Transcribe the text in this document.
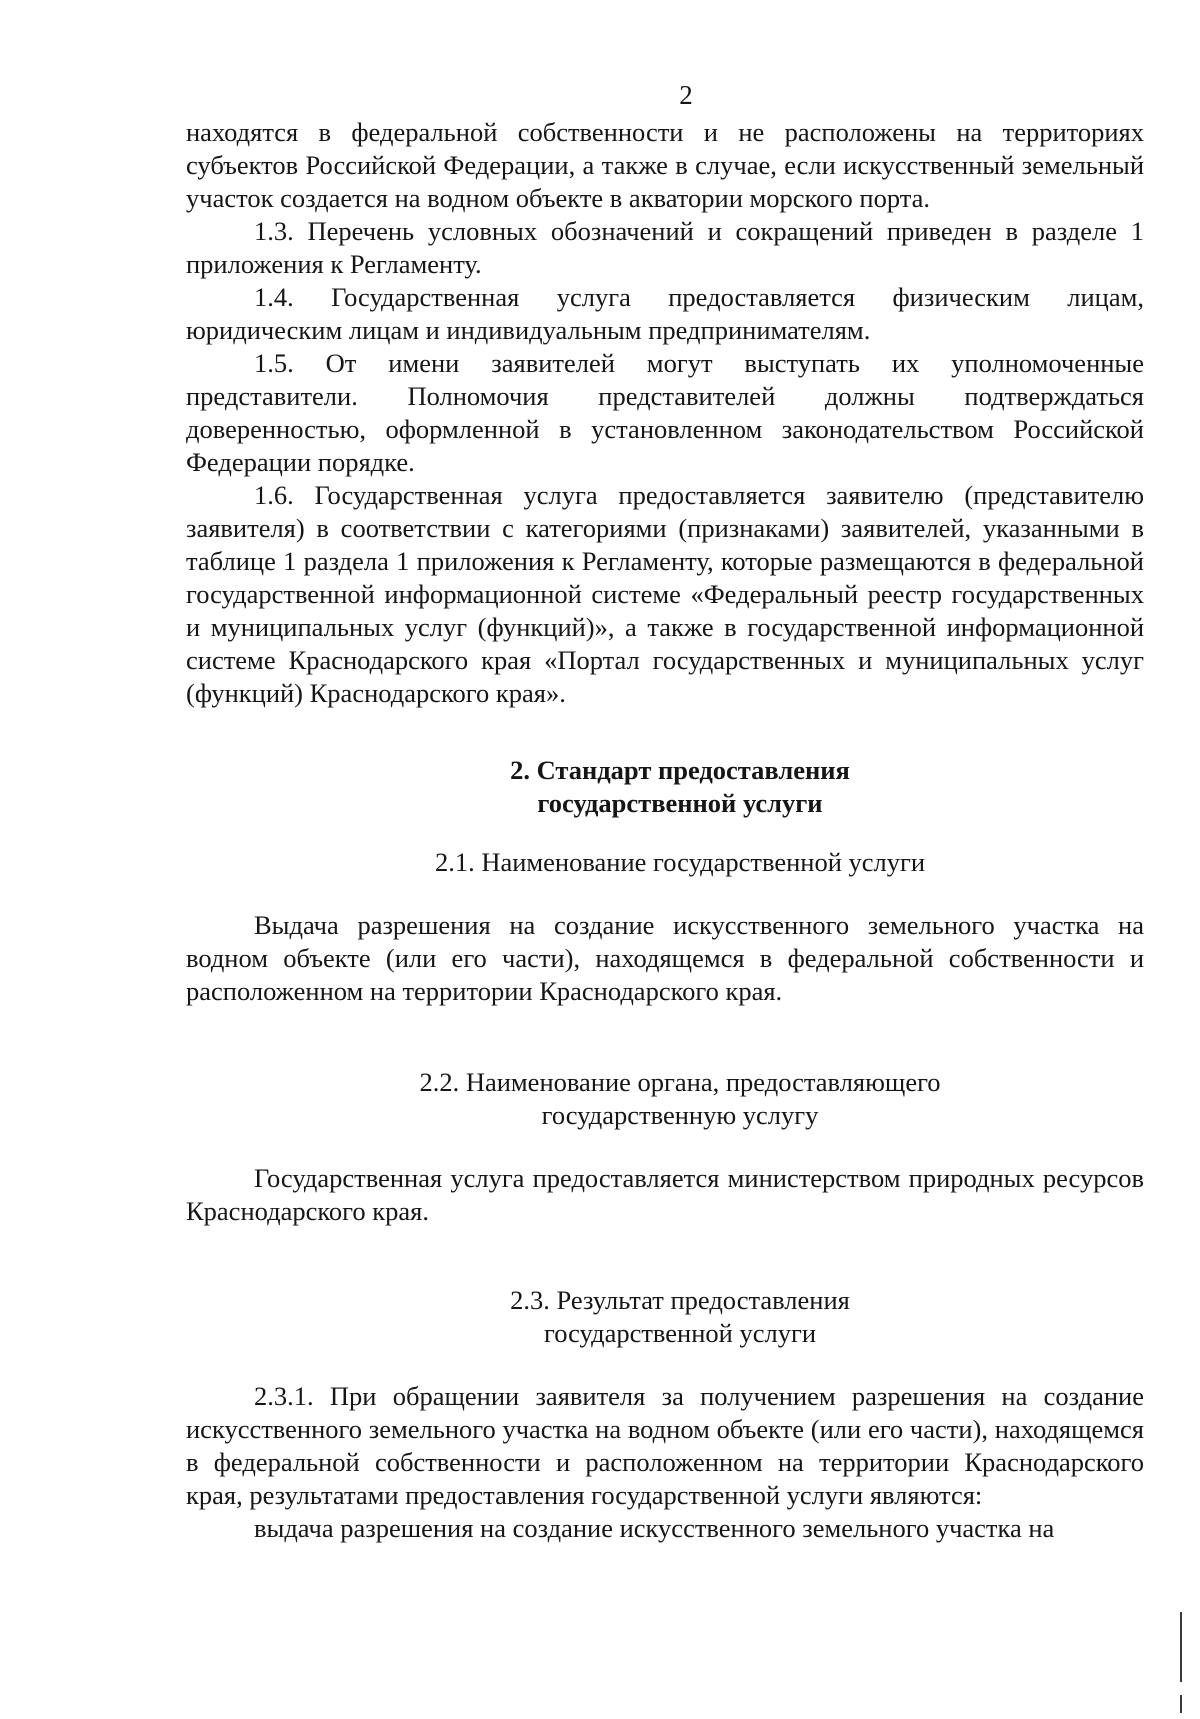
2

находятся в федеральной собственности и не расположены на территориях субъектов Российской Федерации, а также в случае, если искусственный земельный участок создается на водном объекте в акватории морского порта.

1.3. Перечень условных обозначений и сокращений приведен в разделе 1 приложения к Регламенту.

1.4. Государственная услуга предоставляется физическим лицам, юридическим лицам и индивидуальным предпринимателям.

1.5. От имени заявителей могут выступать их уполномоченные представители. Полномочия представителей должны подтверждаться доверенностью, оформленной в установленном законодательством Российской Федерации порядке.

1.6. Государственная услуга предоставляется заявителю (представителю заявителя) в соответствии с категориями (признаками) заявителей, указанными в таблице 1 раздела 1 приложения к Регламенту, которые размещаются в федеральной государственной информационной системе «Федеральный реестр государственных и муниципальных услуг (функций)», а также в государственной информационной системе Краснодарского края «Портал государственных и муниципальных услуг (функций) Краснодарского края».

2. Стандарт предоставления
государственной услуги
2.1. Наименование государственной услуги

Выдача разрешения на создание искусственного земельного участка на водном объекте (или его части), находящемся в федеральной собственности и расположенном на территории Краснодарского края.

2.2. Наименование органа, предоставляющего
государственную услугу

Государственная услуга предоставляется министерством природных ресурсов Краснодарского края.

2.3. Результат предоставления
государственной услуги

2.3.1. При обращении заявителя за получением разрешения на создание искусственного земельного участка на водном объекте (или его части), находящемся в федеральной собственности и расположенном на территории Краснодарского края, результатами предоставления государственной услуги являются:

выдача разрешения на создание искусственного земельного участка на
